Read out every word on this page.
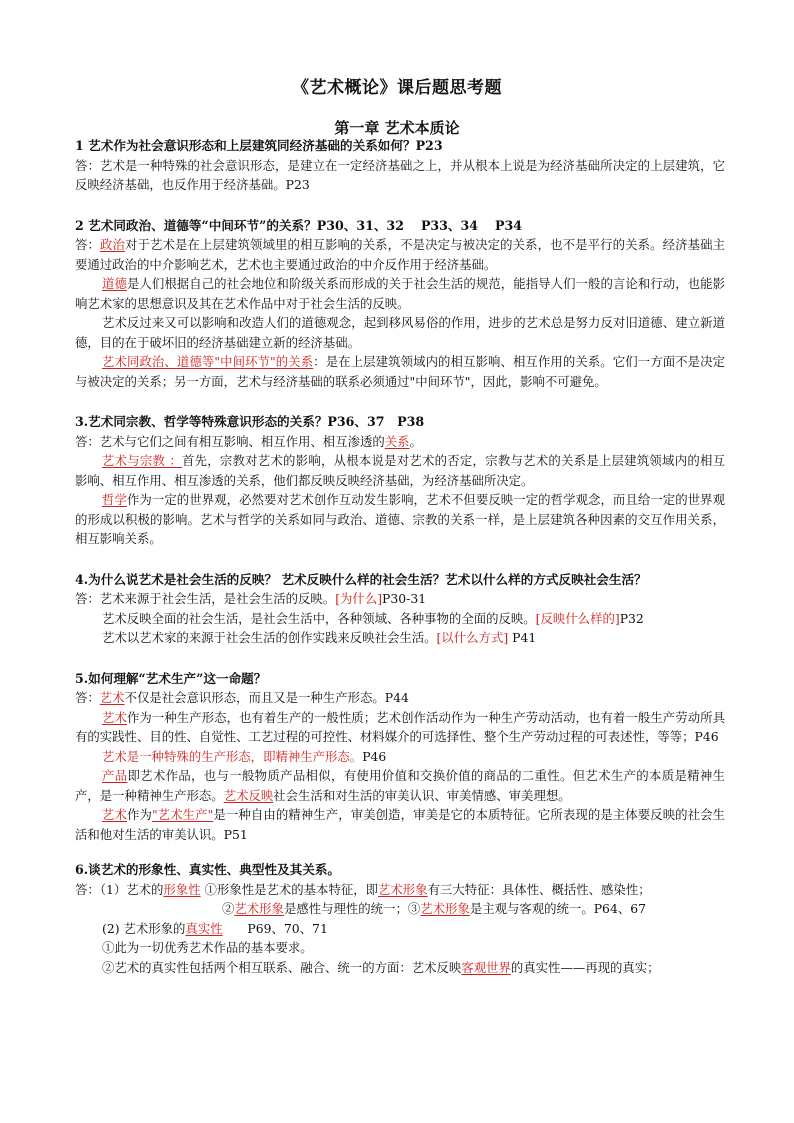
《艺术概论》课后题思考题
第一章 艺术本质论

1 艺术作为社会意识形态和上层建筑同经济基础的关系如何？P23

答：艺术是一种特殊的社会意识形态，是建立在一定经济基础之上，并从根本上说是为经济基础所决定的上层建筑，它反映经济基础，也反作用于经济基础。P23

2 艺术同政治、道德等“中间环节”的关系？P30、31、32　 P33、34　 P34

答：政治对于艺术是在上层建筑领域里的相互影响的关系，不是决定与被决定的关系，也不是平行的关系。经济基础主要通过政治的中介影响艺术，艺术也主要通过政治的中介反作用于经济基础。

道德是人们根据自己的社会地位和阶级关系而形成的关于社会生活的规范，能指导人们一般的言论和行动，也能影响艺术家的思想意识及其在艺术作品中对于社会生活的反映。

艺术反过来又可以影响和改造人们的道德观念，起到移风易俗的作用，进步的艺术总是努力反对旧道德、建立新道德，目的在于破坏旧的经济基础建立新的经济基础。

艺术同政治、道德等"中间环节"的关系：是在上层建筑领域内的相互影响、相互作用的关系。它们一方面不是决定与被决定的关系；另一方面，艺术与经济基础的联系必须通过"中间环节"，因此，影响不可避免。

3.艺术同宗教、哲学等特殊意识形态的关系？P36、37　P38

答：艺术与它们之间有相互影响、相互作用、相互渗透的关系。

艺术与宗教 ：首先，宗教对艺术的影响，从根本说是对艺术的否定，宗教与艺术的关系是上层建筑领域内的相互影响、相互作用、相互渗透的关系，他们都反映反映经济基础，为经济基础所决定。

哲学作为一定的世界观，必然要对艺术创作互动发生影响，艺术不但要反映一定的哲学观念，而且给一定的世界观的形成以积极的影响。艺术与哲学的关系如同与政治、道德、宗教的关系一样，是上层建筑各种因素的交互作用关系，相互影响关系。

4.为什么说艺术是社会生活的反映？ 艺术反映什么样的社会生活？艺术以什么样的方式反映社会生活？

答：艺术来源于社会生活，是社会生活的反映。[为什么]P30-31

艺术反映全面的社会生活，是社会生活中，各种领域、各种事物的全面的反映。[反映什么样的]P32

艺术以艺术家的来源于社会生活的创作实践来反映社会生活。[以什么方式] P41

5.如何理解“艺术生产”这一命题？

答：艺术不仅是社会意识形态，而且又是一种生产形态。P44

艺术作为一种生产形态，也有着生产的一般性质；艺术创作活动作为一种生产劳动活动，也有着一般生产劳动所具有的实践性、目的性、自觉性、工艺过程的可控性、材料媒介的可选择性、整个生产劳动过程的可表述性，等等；P46

艺术是一种特殊的生产形态，即精神生产形态。P46

产品即艺术作品，也与一般物质产品相似，有使用价值和交换价值的商品的二重性。但艺术生产的本质是精神生产，是一种精神生产形态。艺术反映社会生活和对生活的审美认识、审美情感、审美理想。

艺术作为"艺术生产"是一种自由的精神生产，审美创造，审美是它的本质特征。它所表现的是主体要反映的社会生活和他对生活的审美认识。P51

6.谈艺术的形象性、真实性、典型性及其关系。

答：（1）艺术的形象性 ①形象性是艺术的基本特征，即艺术形象有三大特征：具体性、概括性、感染性；

②艺术形象是感性与理性的统一；③艺术形象是主观与客观的统一。P64、67

(2) 艺术形象的真实性　　P69、70、71

①此为一切优秀艺术作品的基本要求。

②艺术的真实性包括两个相互联系、融合、统一的方面：艺术反映客观世界的真实性——再现的真实；
